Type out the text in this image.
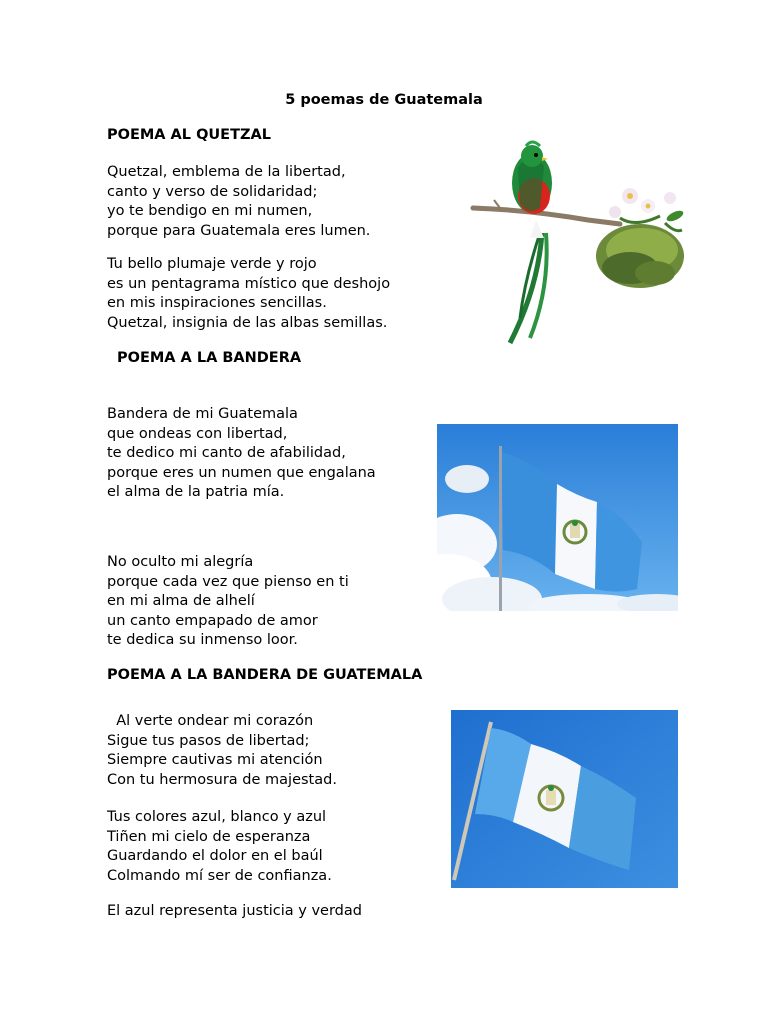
5 poemas de Guatemala
POEMA AL QUETZAL
Quetzal, emblema de la libertad,
canto y verso de solidaridad;
yo te bendigo en mi numen,
porque para Guatemala eres lumen.
Tu bello plumaje verde y rojo
es un pentagrama místico que deshojo
en mis inspiraciones sencillas.
Quetzal, insignia de las albas semillas.
POEMA A LA BANDERA
Bandera de mi Guatemala
que ondeas con libertad,
te dedico mi canto de afabilidad,
porque eres un numen que engalana
el alma de la patria mía.
No oculto mi alegría
porque cada vez que pienso en ti
en mi alma de alhelí
un canto empapado de amor
te dedica su inmenso loor.
POEMA A LA BANDERA DE GUATEMALA
Al verte ondear mi corazón
Sigue tus pasos de libertad;
Siempre cautivas mi atención
Con tu hermosura de majestad.
Tus colores azul, blanco y azul
Tiñen mi cielo de esperanza
Guardando el dolor en el baúl
Colmando mí ser de confianza.
El azul representa justicia y verdad
